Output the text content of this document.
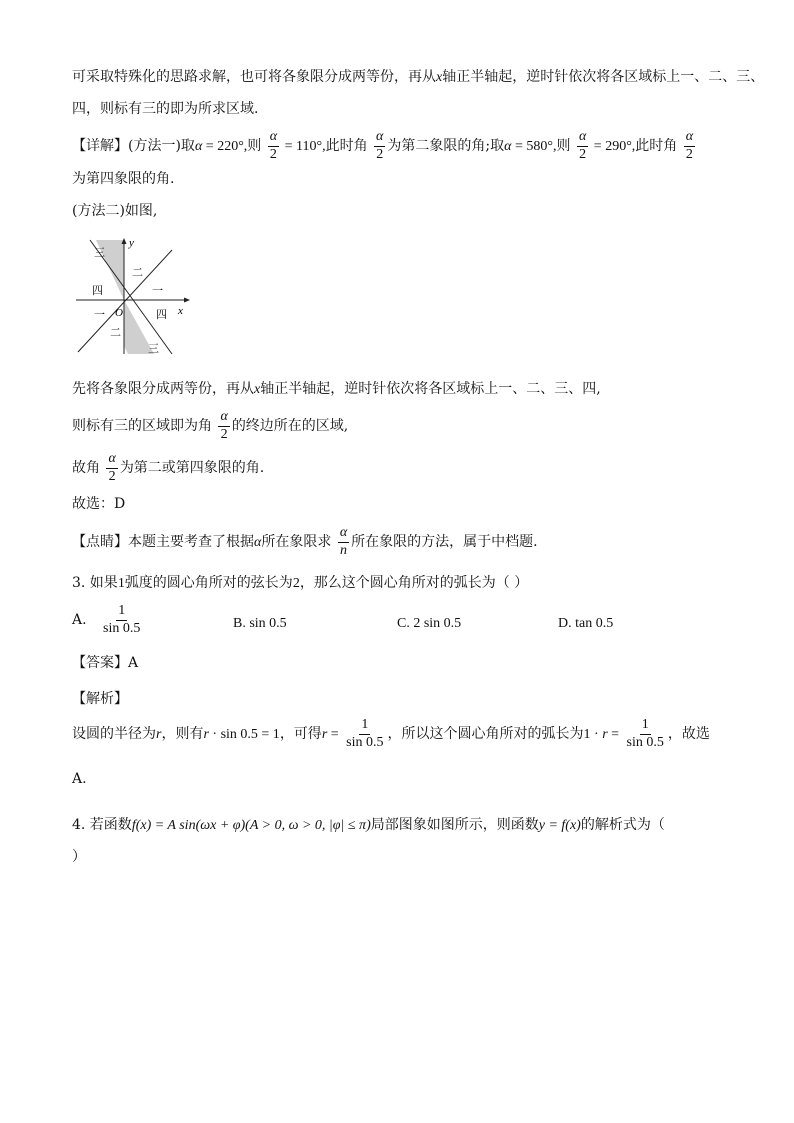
可采取特殊化的思路求解，也可将各象限分成两等份，再从x轴正半轴起，逆时针依次将各区域标上一、二、三、
四，则标有三的即为所求区域.
【详解】(方法一)取α = 220°,则 $\frac{\alpha}{2} = 110^\circ$,此时角 $\frac{\alpha}{2}$ 为第二象限的角;取α = 580°,则 $\frac{\alpha}{2} = 290^\circ$,此时角 $\frac{\alpha}{2}$
为第四象限的角.
(方法二)如图,
y
x
O
三
二
四	一
一	四
二
三
先将各象限分成两等份，再从x轴正半轴起，逆时针依次将各区域标上一、二、三、四,
则标有三的区域即为角 $\frac{\alpha}{2}$ 的终边所在的区域,
故角 $\frac{\alpha}{2}$ 为第二或第四象限的角.
故选：D
【点睛】本题主要考查了根据α所在象限求 $\frac{\alpha}{n}$ 所在象限的方法，属于中档题.
3. 如果1弧度的圆心角所对的弦长为2，那么这个圆心角所对的弧长为（ ）
A. $\frac{1}{\sin 0.5}$	B. sin 0.5	C. 2 sin 0.5	D. tan 0.5
【答案】A
【解析】
设圆的半径为r，则有r · sin 0.5 = 1，可得$r = \frac{1}{\sin 0.5}$ ，所以这个圆心角所对的弧长为$1 \cdot r = \frac{1}{\sin 0.5}$ ，故选
A.
4. 若函数f(x) = A sin(ωx + φ)(A > 0, ω > 0, |φ| ≤ π)局部图象如图所示，则函数y = f(x)的解析式为（
）
